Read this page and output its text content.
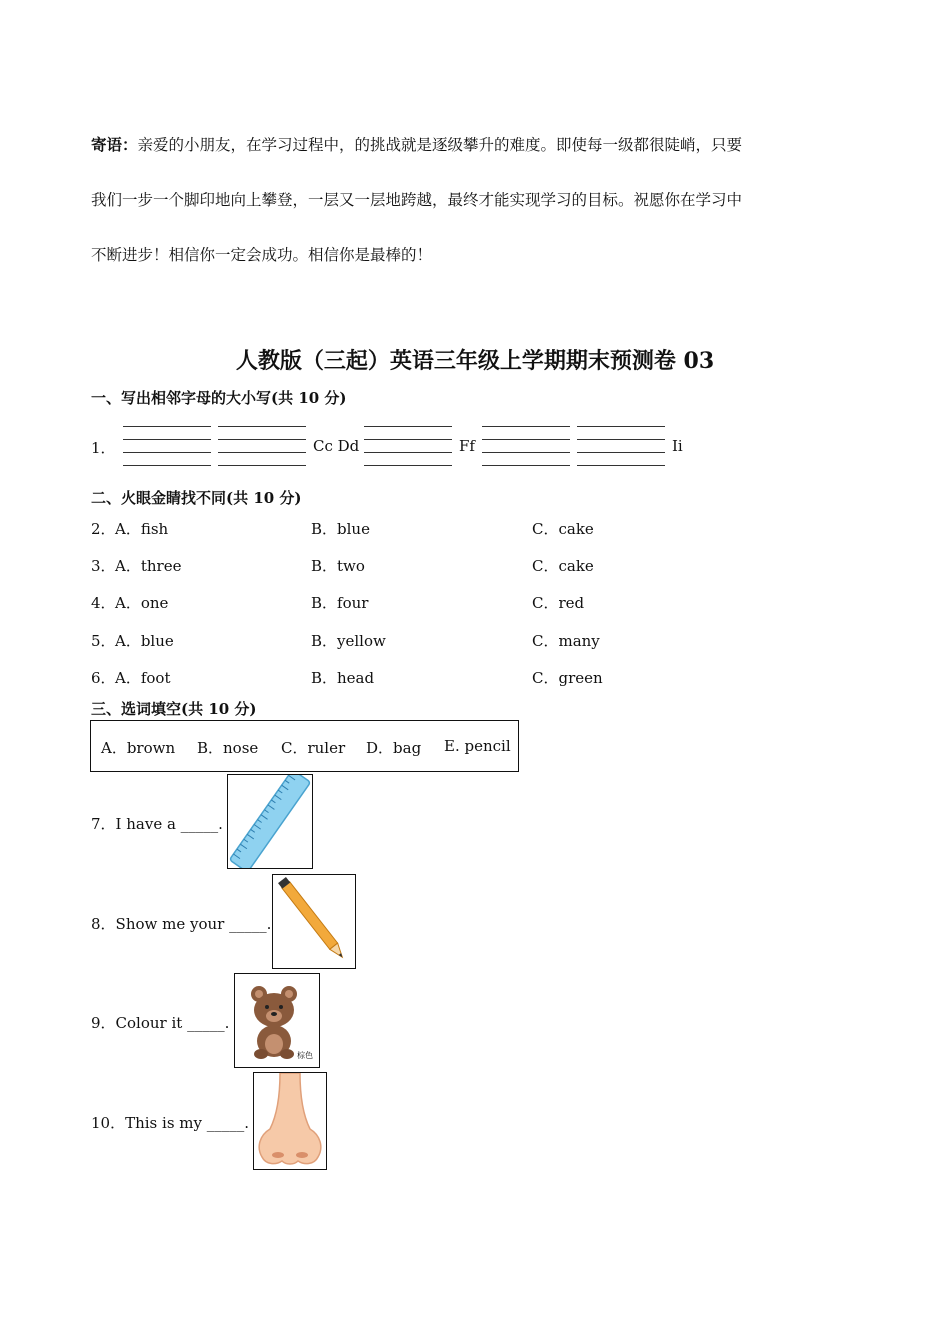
寄语：亲爱的小朋友，在学习过程中，的挑战就是逐级攀升的难度。即使每一级都很陡峭，只要
我们一步一个脚印地向上攀登，一层又一层地跨越，最终才能实现学习的目标。祝愿你在学习中
不断进步！相信你一定会成功。相信你是最棒的！
人教版（三起）英语三年级上学期期末预测卷 03
一、写出相邻字母的大小写(共 10 分)
1．	Cc Dd	Ff	Ii
二、火眼金睛找不同(共 10 分)
2． A．fish	B．blue	C．cake
3． A．three	B．two	C．cake
4． A．one	B．four	C．red
5． A．blue	B．yellow	C．many
6． A．foot	B．head	C．green
三、选词填空(共 10 分)
A．brown B．nose C．ruler D．bag E. pencil
7．I have a _____.
8．Show me your _____.
9．Colour it _____.
棕色
10．This is my _____.
